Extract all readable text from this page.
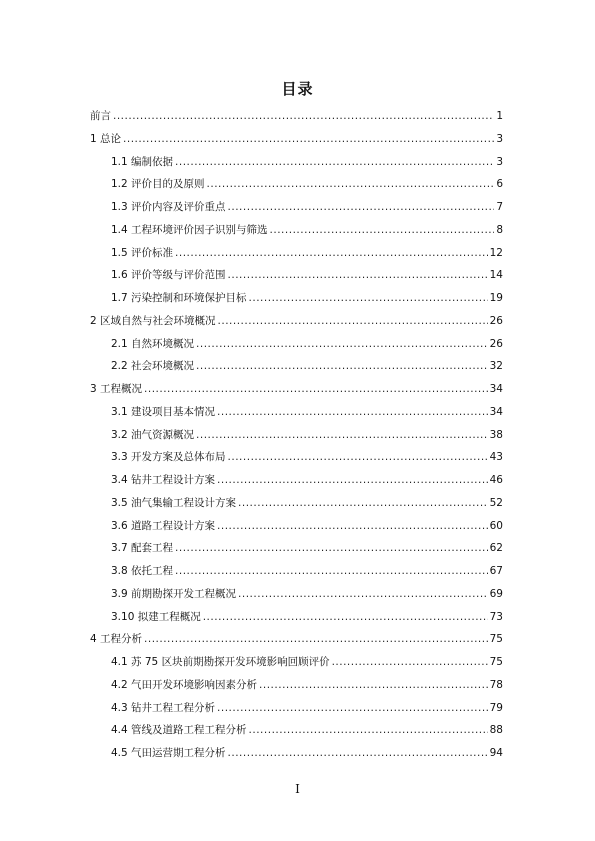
目录
前言 .....	1
1 总论 .....	3
1.1 编制依据 .....	3
1.2 评价目的及原则 .....	6
1.3 评价内容及评价重点 .....	7
1.4 工程环境评价因子识别与筛选 .....	8
1.5 评价标准 .....	12
1.6 评价等级与评价范围 .....	14
1.7 污染控制和环境保护目标 .....	19
2 区域自然与社会环境概况 .....	26
2.1 自然环境概况 .....	26
2.2 社会环境概况 .....	32
3 工程概况 .....	34
3.1 建设项目基本情况 .....	34
3.2 油气资源概况 .....	38
3.3 开发方案及总体布局 .....	43
3.4 钻井工程设计方案 .....	46
3.5 油气集输工程设计方案 .....	52
3.6 道路工程设计方案 .....	60
3.7 配套工程 .....	62
3.8 依托工程 .....	67
3.9 前期勘探开发工程概况 .....	69
3.10 拟建工程概况 .....	73
4 工程分析 .....	75
4.1 苏 75 区块前期勘探开发环境影响回顾评价 .....	75
4.2 气田开发环境影响因素分析 .....	78
4.3 钻井工程工程分析 .....	79
4.4 管线及道路工程工程分析 .....	88
4.5 气田运营期工程分析 .....	94
I
